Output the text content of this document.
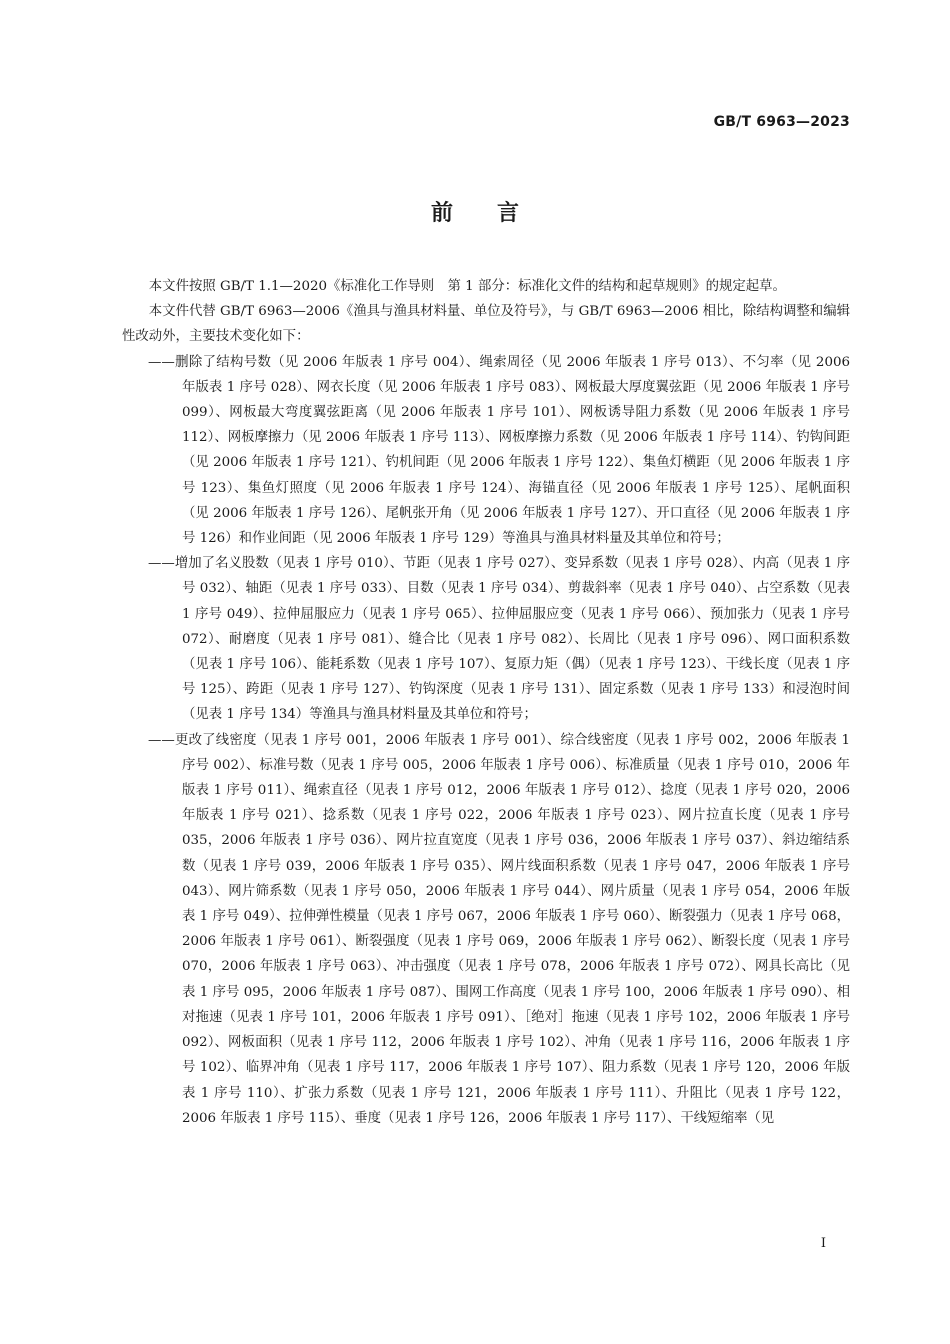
GB/T 6963—2023
前　　言

本文件按照 GB/T 1.1—2020《标准化工作导则　第 1 部分：标准化文件的结构和起草规则》的规定起草。

本文件代替 GB/T 6963—2006《渔具与渔具材料量、单位及符号》，与 GB/T 6963—2006 相比，除结构调整和编辑性改动外，主要技术变化如下：

——删除了结构号数（见 2006 年版表 1 序号 004）、绳索周径（见 2006 年版表 1 序号 013）、不匀率（见 2006 年版表 1 序号 028）、网衣长度（见 2006 年版表 1 序号 083）、网板最大厚度翼弦距（见 2006 年版表 1 序号 099）、网板最大弯度翼弦距离（见 2006 年版表 1 序号 101）、网板诱导阻力系数（见 2006 年版表 1 序号 112）、网板摩擦力（见 2006 年版表 1 序号 113）、网板摩擦力系数（见 2006 年版表 1 序号 114）、钓钩间距（见 2006 年版表 1 序号 121）、钓机间距（见 2006 年版表 1 序号 122）、集鱼灯横距（见 2006 年版表 1 序号 123）、集鱼灯照度（见 2006 年版表 1 序号 124）、海锚直径（见 2006 年版表 1 序号 125）、尾帆面积（见 2006 年版表 1 序号 126）、尾帆张开角（见 2006 年版表 1 序号 127）、开口直径（见 2006 年版表 1 序号 126）和作业间距（见 2006 年版表 1 序号 129）等渔具与渔具材料量及其单位和符号；

——增加了名义股数（见表 1 序号 010）、节距（见表 1 序号 027）、变异系数（见表 1 序号 028）、内高（见表 1 序号 032）、轴距（见表 1 序号 033）、目数（见表 1 序号 034）、剪裁斜率（见表 1 序号 040）、占空系数（见表 1 序号 049）、拉伸屈服应力（见表 1 序号 065）、拉伸屈服应变（见表 1 序号 066）、预加张力（见表 1 序号 072）、耐磨度（见表 1 序号 081）、缝合比（见表 1 序号 082）、长周比（见表 1 序号 096）、网口面积系数（见表 1 序号 106）、能耗系数（见表 1 序号 107）、复原力矩（偶）（见表 1 序号 123）、干线长度（见表 1 序号 125）、跨距（见表 1 序号 127）、钓钩深度（见表 1 序号 131）、固定系数（见表 1 序号 133）和浸泡时间（见表 1 序号 134）等渔具与渔具材料量及其单位和符号；

——更改了线密度（见表 1 序号 001，2006 年版表 1 序号 001）、综合线密度（见表 1 序号 002，2006 年版表 1 序号 002）、标准号数（见表 1 序号 005，2006 年版表 1 序号 006）、标准质量（见表 1 序号 010，2006 年版表 1 序号 011）、绳索直径（见表 1 序号 012，2006 年版表 1 序号 012）、捻度（见表 1 序号 020，2006 年版表 1 序号 021）、捻系数（见表 1 序号 022，2006 年版表 1 序号 023）、网片拉直长度（见表 1 序号 035，2006 年版表 1 序号 036）、网片拉直宽度（见表 1 序号 036，2006 年版表 1 序号 037）、斜边缩结系数（见表 1 序号 039，2006 年版表 1 序号 035）、网片线面积系数（见表 1 序号 047，2006 年版表 1 序号 043）、网片筛系数（见表 1 序号 050，2006 年版表 1 序号 044）、网片质量（见表 1 序号 054，2006 年版表 1 序号 049）、拉伸弹性模量（见表 1 序号 067，2006 年版表 1 序号 060）、断裂强力（见表 1 序号 068，2006 年版表 1 序号 061）、断裂强度（见表 1 序号 069，2006 年版表 1 序号 062）、断裂长度（见表 1 序号 070，2006 年版表 1 序号 063）、冲击强度（见表 1 序号 078，2006 年版表 1 序号 072）、网具长高比（见表 1 序号 095，2006 年版表 1 序号 087）、围网工作高度（见表 1 序号 100，2006 年版表 1 序号 090）、相对拖速（见表 1 序号 101，2006 年版表 1 序号 091）、［绝对］拖速（见表 1 序号 102，2006 年版表 1 序号 092）、网板面积（见表 1 序号 112，2006 年版表 1 序号 102）、冲角（见表 1 序号 116，2006 年版表 1 序号 102）、临界冲角（见表 1 序号 117，2006 年版表 1 序号 107）、阻力系数（见表 1 序号 120，2006 年版表 1 序号 110）、扩张力系数（见表 1 序号 121，2006 年版表 1 序号 111）、升阻比（见表 1 序号 122，2006 年版表 1 序号 115）、垂度（见表 1 序号 126，2006 年版表 1 序号 117）、干线短缩率（见

I
